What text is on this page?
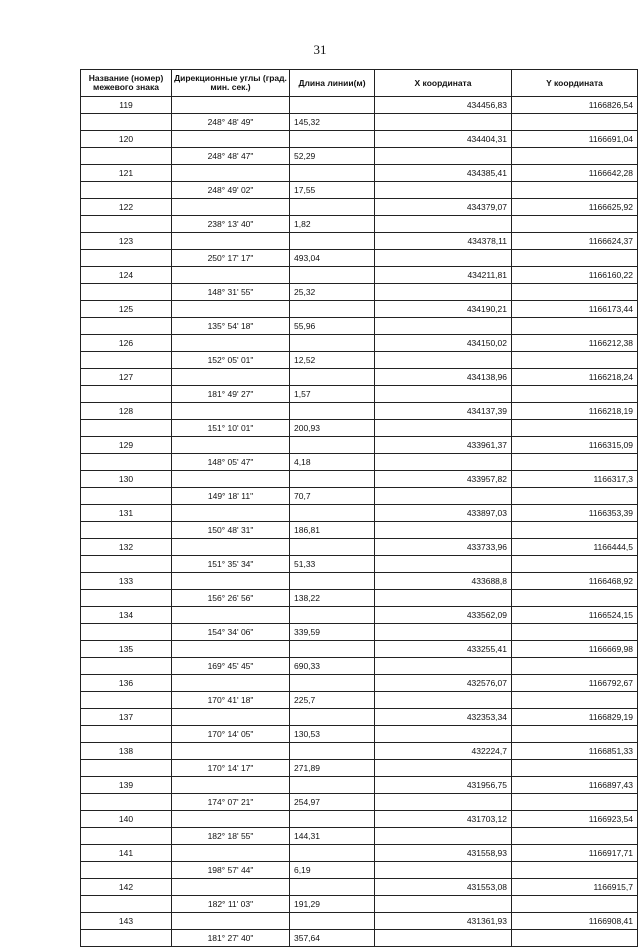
31
Название (номер) межевого знака	Дирекционные углы (град. мин. сек.)	Длина линии(м)	X координата	Y координата
119			434456,83	1166826,54
	248° 48' 49"	145,32		
120			434404,31	1166691,04
	248° 48' 47"	52,29		
121			434385,41	1166642,28
	248° 49' 02"	17,55		
122			434379,07	1166625,92
	238° 13' 40"	1,82		
123			434378,11	1166624,37
	250° 17' 17"	493,04		
124			434211,81	1166160,22
	148° 31' 55"	25,32		
125			434190,21	1166173,44
	135° 54' 18"	55,96		
126			434150,02	1166212,38
	152° 05' 01"	12,52		
127			434138,96	1166218,24
	181° 49' 27"	1,57		
128			434137,39	1166218,19
	151° 10' 01"	200,93		
129			433961,37	1166315,09
	148° 05' 47"	4,18		
130			433957,82	1166317,3
	149° 18' 11"	70,7		
131			433897,03	1166353,39
	150° 48' 31"	186,81		
132			433733,96	1166444,5
	151° 35' 34"	51,33		
133			433688,8	1166468,92
	156° 26' 56"	138,22		
134			433562,09	1166524,15
	154° 34' 06"	339,59		
135			433255,41	1166669,98
	169° 45' 45"	690,33		
136			432576,07	1166792,67
	170° 41' 18"	225,7		
137			432353,34	1166829,19
	170° 14' 05"	130,53		
138			432224,7	1166851,33
	170° 14' 17"	271,89		
139			431956,75	1166897,43
	174° 07' 21"	254,97		
140			431703,12	1166923,54
	182° 18' 55"	144,31		
141			431558,93	1166917,71
	198° 57' 44"	6,19		
142			431553,08	1166915,7
	182° 11' 03"	191,29		
143			431361,93	1166908,41
	181° 27' 40"	357,64		
